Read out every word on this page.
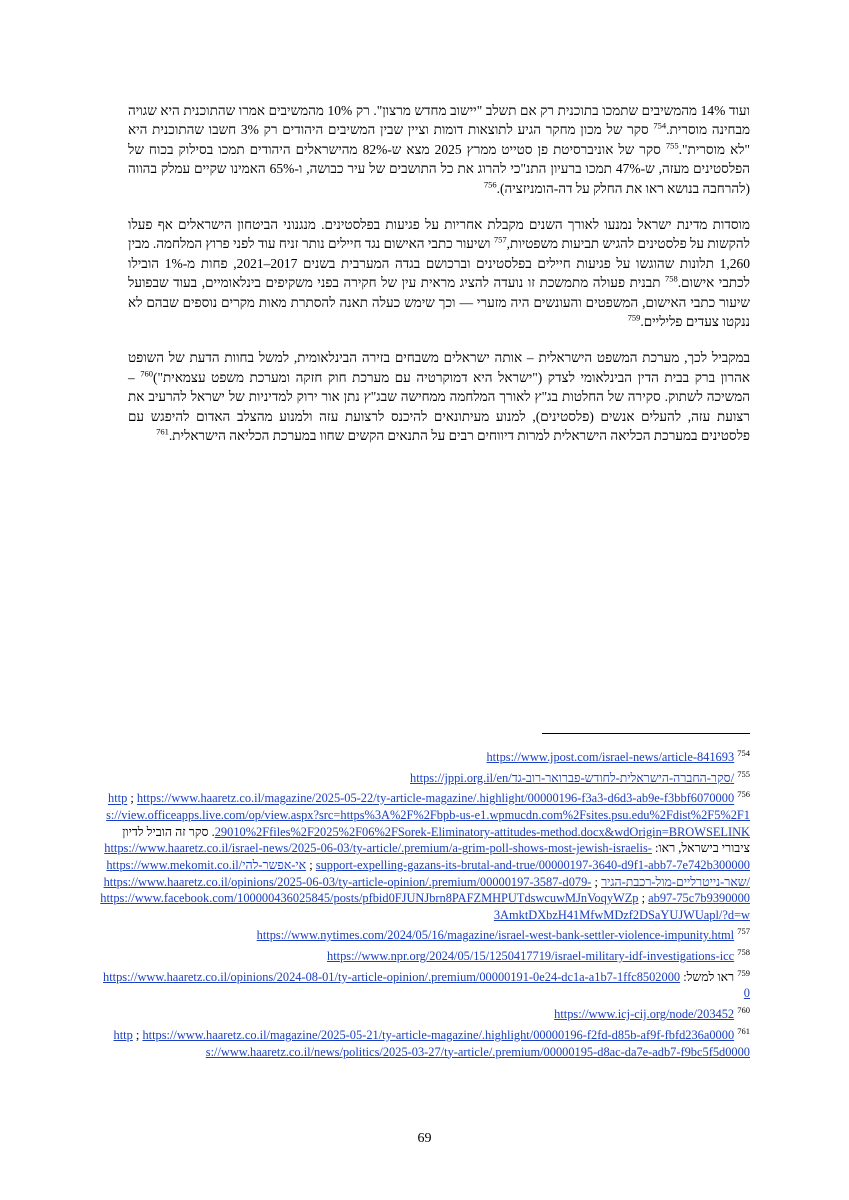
ועוד 14% מהמשיבים שתמכו בתוכנית רק אם תשלב "יישוב מחדש מרצון". רק 10% מהמשיבים אמרו שהתוכנית היא שגויה מבחינה מוסרית.$^{754}$ סקר של מכון מחקר הגיע לתוצאות דומות וציין שבין המשיבים היהודים רק 3% חשבו שהתוכנית היא "לא מוסרית".$^{755}$ סקר של אוניברסיטת פן סטייט ממרץ 2025 מצא ש-82% מהישראלים היהודים תמכו בסילוק בכוח של הפלסטינים מעזה, ש-47% תמכו ברעיון התנ"כי להרוג את כל התושבים של עיר כבושה, ו-65% האמינו שקיים עמלק בהווה (להרחבה בנושא ראו את החלק על דה-הומניזציה).$^{756}$

מוסדות מדינת ישראל נמנעו לאורך השנים מקבלת אחריות על פגיעות בפלסטינים. מנגנוני הביטחון הישראלים אף פעלו להקשות על פלסטינים להגיש תביעות משפטיות,$^{757}$ ושיעור כתבי האישום נגד חיילים נותר זניח עוד לפני פרוץ המלחמה. מבין 1,260 תלונות שהוגשו על פגיעות חיילים בפלסטינים וברכושם בגדה המערבית בשנים 2017–2021, פחות מ-1% הובילו לכתבי אישום.$^{758}$ תבנית פעולה מתמשכת זו נועדה להציג מראית עין של חקירה בפני משקיפים בינלאומיים, בעוד שבפועל שיעור כתבי האישום, המשפטים והעונשים היה מזערי — וכך שימש כעלה תאנה להסתרת מאות מקרים נוספים שבהם לא ננקטו צעדים פליליים.$^{759}$

במקביל לכך, מערכת המשפט הישראלית – אותה ישראלים משבחים בזירה הבינלאומית, למשל בחוות הדעת של השופט אהרון ברק בבית הדין הבינלאומי לצדק ("ישראל היא דמוקרטיה עם מערכת חוק חזקה ומערכת משפט עצמאית")$^{760}$ – המשיכה לשתוק. סקירה של החלטות בג"ץ לאורך המלחמה ממחישה שבג"ץ נתן אור ירוק למדיניות של ישראל להרעיב את רצועת עזה, להעלים אנשים (פלסטינים), למנוע מעיתונאים להיכנס לרצועת עזה ולמנוע מהצלב האדום להיפגש עם פלסטינים במערכת הכליאה הישראלית למרות דיווחים רבים על התנאים הקשים שחוו במערכת הכליאה הישראלית.$^{761}$

$^{754}$ https://www.jpost.com/israel-news/article-841693
$^{755}$ https://jppi.org.il/en/סקר-החברה-הישראלית-לחודש-פברואר-רוב-גד/
$^{756}$ https://www.haaretz.co.il/magazine/2025-05-22/ty-article-magazine/.highlight/00000196-f3a3-d6d3-ab9e-f3bbf6070000 ; https://view.officeapps.live.com/op/view.aspx?src=https%3A%2F%2Fbpb-us-e1.wpmucdn.com%2Fsites.psu.edu%2Fdist%2F5%2F129010%2Ffiles%2F2025%2F06%2FSorek-Eliminatory-attitudes-method.docx&wdOrigin=BROWSELINK. סקר זה הוביל לדיון ציבורי בישראל, ראו: https://www.haaretz.co.il/israel-news/2025-06-03/ty-article/.premium/a-grim-poll-shows-most-jewish-israelis-support-expelling-gazans-its-brutal-and-true/00000197-3640-d9f1-abb7-7e742b300000 ; https://www.mekomit.co.il/אי-אפשר-להישאר-נייטרליים-מול-רכבת-הגיר/ ; https://www.haaretz.co.il/opinions/2025-06-03/ty-article-opinion/.premium/00000197-3587-d079-ab97-75c7b9390000 ; https://www.facebook.com/100000436025845/posts/pfbid0FJUNJbrn8PAFZMHPUTdswcuwMJnVoqyWZp3AmktDXbzH41MfwMDzf2DSaYUJWUapl/?d=w
$^{757}$ https://www.nytimes.com/2024/05/16/magazine/israel-west-bank-settler-violence-impunity.html
$^{758}$ https://www.npr.org/2024/05/15/1250417719/israel-military-idf-investigations-icc
$^{759}$ ראו למשל: https://www.haaretz.co.il/opinions/2024-08-01/ty-article-opinion/.premium/00000191-0e24-dc1a-a1b7-1ffc85020000
$^{760}$ https://www.icj-cij.org/node/203452
$^{761}$ https://www.haaretz.co.il/magazine/2025-05-21/ty-article-magazine/.highlight/00000196-f2fd-d85b-af9f-fbfd236a0000 ; https://www.haaretz.co.il/news/politics/2025-03-27/ty-article/.premium/00000195-d8ac-da7e-adb7-f9bc5f5d0000
69
